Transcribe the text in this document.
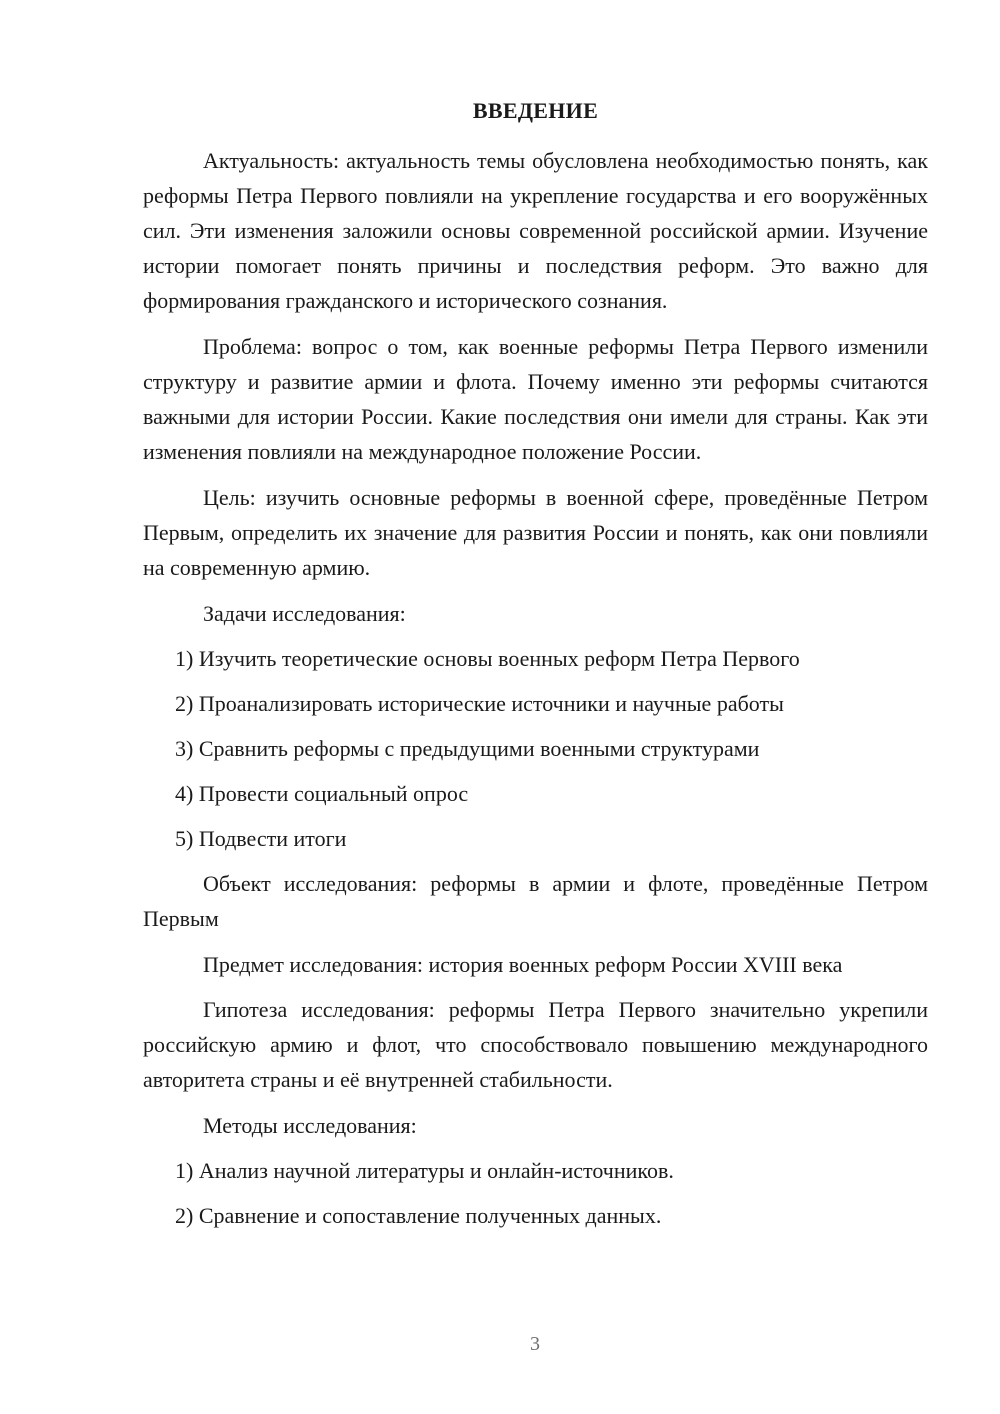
ВВЕДЕНИЕ

Актуальность: актуальность темы обусловлена необходимостью понять, как реформы Петра Первого повлияли на укрепление государства и его вооружённых сил. Эти изменения заложили основы современной российской армии. Изучение истории помогает понять причины и последствия реформ. Это важно для формирования гражданского и исторического сознания.

Проблема: вопрос о том, как военные реформы Петра Первого изменили структуру и развитие армии и флота. Почему именно эти реформы считаются важными для истории России. Какие последствия они имели для страны. Как эти изменения повлияли на международное положение России.

Цель: изучить основные реформы в военной сфере, проведённые Петром Первым, определить их значение для развития России и понять, как они повлияли на современную армию.

Задачи исследования:

1) Изучить теоретические основы военных реформ Петра Первого
2) Проанализировать исторические источники и научные работы
3) Сравнить реформы с предыдущими военными структурами
4) Провести социальный опрос
5) Подвести итоги

Объект исследования: реформы в армии и флоте, проведённые Петром Первым

Предмет исследования: история военных реформ России XVIII века

Гипотеза исследования: реформы Петра Первого значительно укрепили российскую армию и флот, что способствовало повышению международного авторитета страны и её внутренней стабильности.

Методы исследования:

1) Анализ научной литературы и онлайн-источников.
2) Сравнение и сопоставление полученных данных.
3
